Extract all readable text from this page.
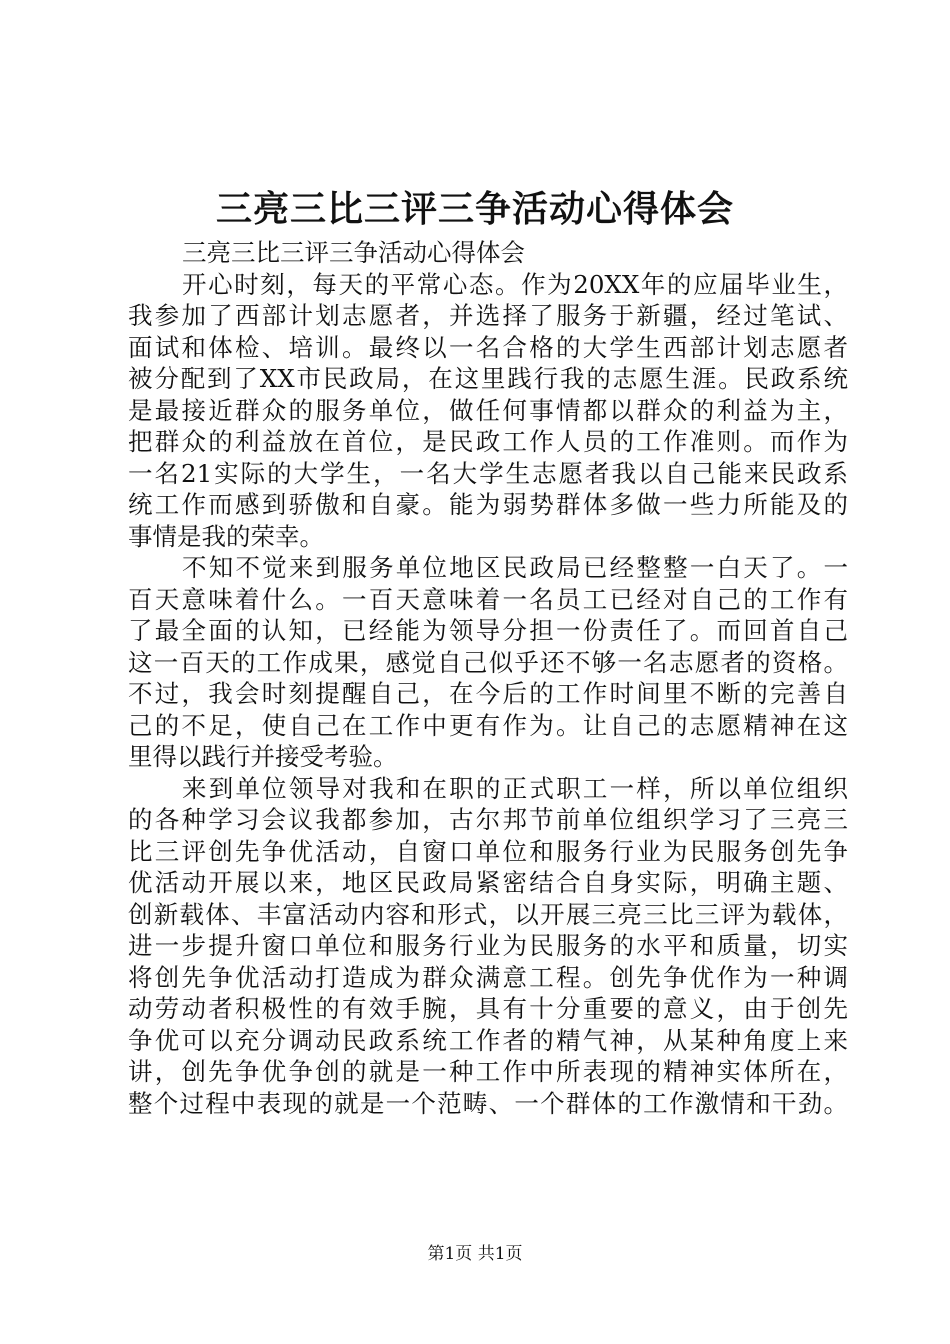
三亮三比三评三争活动心得体会
三亮三比三评三争活动心得体会
开心时刻，每天的平常心态。作为20XX年的应届毕业生，
我参加了西部计划志愿者，并选择了服务于新疆，经过笔试、
面试和体检、培训。最终以一名合格的大学生西部计划志愿者
被分配到了XX市民政局，在这里践行我的志愿生涯。民政系统
是最接近群众的服务单位，做任何事情都以群众的利益为主，
把群众的利益放在首位，是民政工作人员的工作准则。而作为
一名21实际的大学生，一名大学生志愿者我以自己能来民政系
统工作而感到骄傲和自豪。能为弱势群体多做一些力所能及的
事情是我的荣幸。
不知不觉来到服务单位地区民政局已经整整一白天了。一
百天意味着什么。一百天意味着一名员工已经对自己的工作有
了最全面的认知，已经能为领导分担一份责任了。而回首自己
这一百天的工作成果，感觉自己似乎还不够一名志愿者的资格。
不过，我会时刻提醒自己，在今后的工作时间里不断的完善自
己的不足，使自己在工作中更有作为。让自己的志愿精神在这
里得以践行并接受考验。
来到单位领导对我和在职的正式职工一样，所以单位组织
的各种学习会议我都参加，古尔邦节前单位组织学习了三亮三
比三评创先争优活动，自窗口单位和服务行业为民服务创先争
优活动开展以来，地区民政局紧密结合自身实际，明确主题、
创新载体、丰富活动内容和形式，以开展三亮三比三评为载体，
进一步提升窗口单位和服务行业为民服务的水平和质量，切实
将创先争优活动打造成为群众满意工程。创先争优作为一种调
动劳动者积极性的有效手腕，具有十分重要的意义，由于创先
争优可以充分调动民政系统工作者的精气神，从某种角度上来
讲，创先争优争创的就是一种工作中所表现的精神实体所在，
整个过程中表现的就是一个范畴、一个群体的工作激情和干劲。
第1页 共1页
